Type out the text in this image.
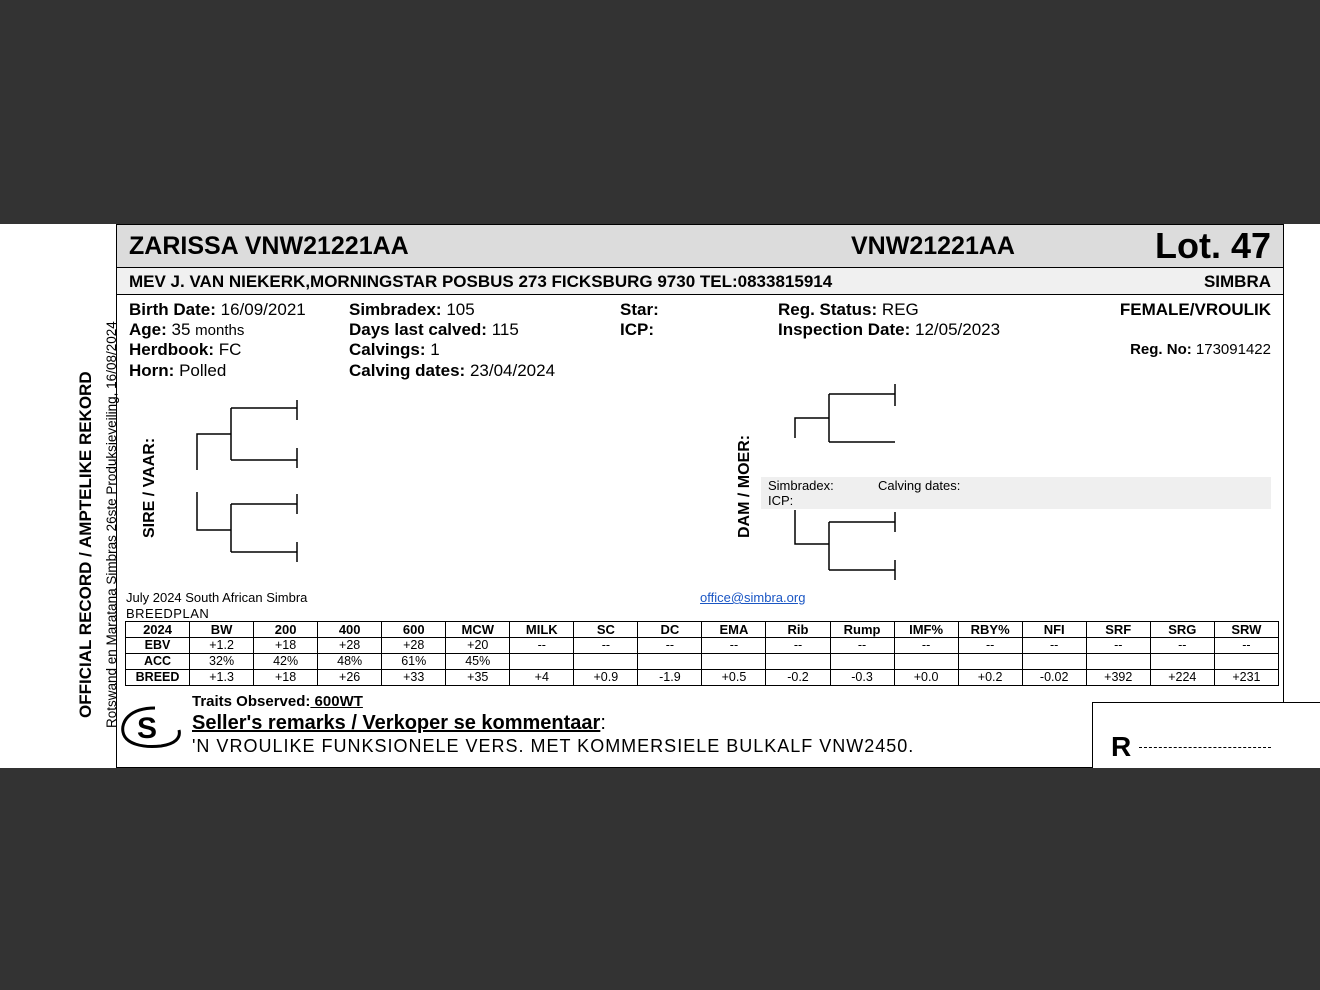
OFFICIAL RECORD / AMPTELIKE REKORD Rotswand en Maratana Simbras 26ste Produksieveiling, 16/08/2024
ZARISSA VNW21221AA	VNW21221AA	Lot. 47
MEV J. VAN NIEKERK,MORNINGSTAR POSBUS 273 FICKSBURG 9730 TEL:0833815914	SIMBRA
Birth Date: 16/09/2021
Age: 35 months
Herdbook: FC
Horn: Polled
Simbradex: 105
Days last calved: 115
Calvings: 1
Calving dates: 23/04/2024
Star:
ICP:
Reg. Status: REG
Inspection Date: 12/05/2023
FEMALE/VROULIK
Reg. No: 173091422
SIRE / VAAR:	DAM / MOER: Simbradex:	Calving dates:
ICP:
July 2024 South African Simbra
BREEDPLAN
office@simbra.org
2024	BW	200	400	600	MCW	MILK	SC	DC	EMA	Rib	Rump	IMF%	RBY%	NFI	SRF	SRG	SRW
EBV	+1.2	+18	+28	+28	+20	--	--	--	--	--	--	--	--	--	--	--	--
ACC	32%	42%	48%	61%	45%												
BREED	+1.3	+18	+26	+33	+35	+4	+0.9	-1.9	+0.5	-0.2	-0.3	+0.0	+0.2	-0.02	+392	+224	+231
S
Traits Observed: 600WT
Seller's remarks / Verkoper se kommentaar:
'N VROULIKE FUNKSIONELE VERS. MET KOMMERSIELE BULKALF VNW2450.	R
